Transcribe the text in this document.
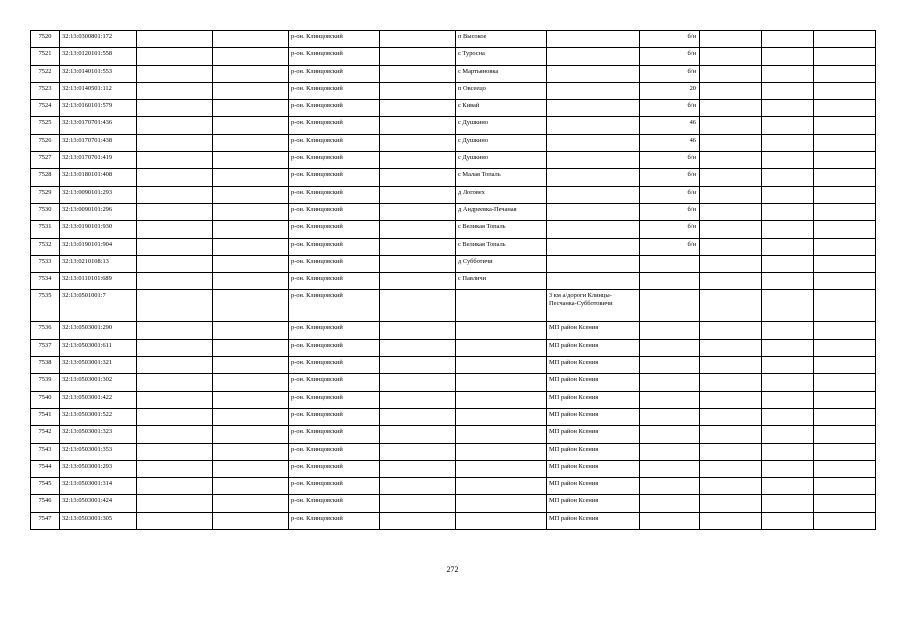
7520	32:13:0300801:172			р-он. Клинцовский		п Высокое		б/н			
7521	32:13:0120101:558			р-он. Клинцовский		с Туросна		б/н			
7522	32:13:0140101:553			р-он. Клинцовский		с Мартьяновка		б/н			
7523	32:13:0140501:112			р-он. Клинцовский		п Овсеецо		20			
7524	32:13:0160101:579			р-он. Клинцовский		с Кивай		б/н			
7525	32:13:0170701:436			р-он. Клинцовский		с Душкино		46			
7526	32:13:0170701:438			р-он. Клинцовский		с Душкино		46			
7527	32:13:0170701:419			р-он. Клинцовский		с Душкино		б/н			
7528	32:13:0180101:408			р-он. Клинцовский		с Малая Топаль		б/н			
7529	32:13:0090101:293			р-он. Клинцовский		д Логовех		б/н			
7530	32:13:0090101:296			р-он. Клинцовский		д Андреевка-Печаная		б/н			
7531	32:13:0190101:930			р-он. Клинцовский		с Великая Топаль		б/н			
7532	32:13:0190101:904			р-он. Клинцовский		с Великая Топаль		б/н			
7533	32:13:0210108:13			р-он. Клинцовский		д Субботичи					
7534	32:13:0110101:689			р-он. Клинцовский		с Павличи					
7535	32:13:0501001:7			р-он. Клинцовский			3 км а/дороги Клинцы-Песчанка-Субботовичи				
7536	32:13:0503001:290			р-он. Клинцовский			МП район Ксения				
7537	32:13:0503001:611			р-он. Клинцовский			МП район Ксения				
7538	32:13:0503001:321			р-он. Клинцовский			МП район Ксения				
7539	32:13:0503001:302			р-он. Клинцовский			МП район Ксения				
7540	32:13:0503001:422			р-он. Клинцовский			МП район Ксения				
7541	32:13:0503001:522			р-он. Клинцовский			МП район Ксения				
7542	32:13:0503001:323			р-он. Клинцовский			МП район Ксения				
7543	32:13:0503001:353			р-он. Клинцовский			МП район Ксения				
7544	32:13:0503001:293			р-он. Клинцовский			МП район Ксения				
7545	32:13:0503001:314			р-он. Клинцовский			МП район Ксения				
7546	32:13:0503001:424			р-он. Клинцовский			МП район Ксения				
7547	32:13:0503001:305			р-он. Клинцовский			МП район Ксения				
272
